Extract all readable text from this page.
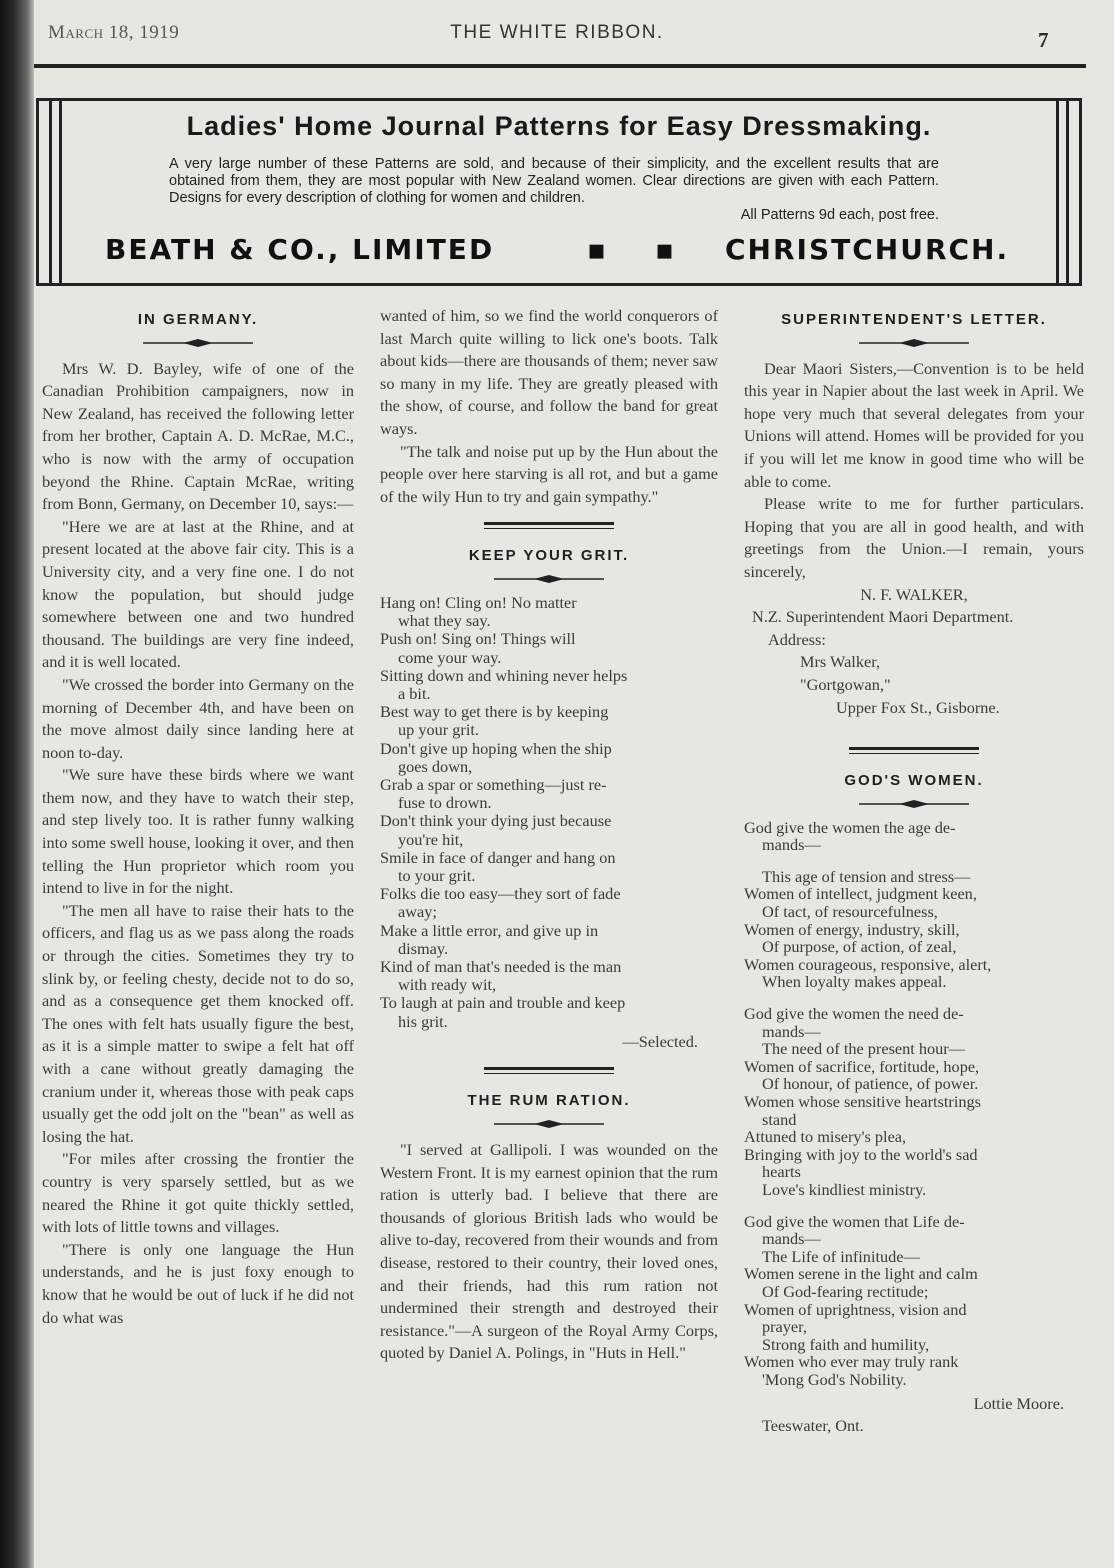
March 18, 1919	THE WHITE RIBBON.	7
Ladies' Home Journal Patterns for Easy Dressmaking.
A very large number of these Patterns are sold, and because of their simplicity, and the excellent results that are obtained from them, they are most popular with New Zealand women. Clear directions are given with each Pattern. Designs for every description of clothing for women and children.
All Patterns 9d each, post free.
BEATH & CO., LIMITED	▪ ▪ CHRISTCHURCH.
IN GERMANY.

Mrs W. D. Bayley, wife of one of the Canadian Prohibition campaigners, now in New Zealand, has received the following letter from her brother, Captain A. D. McRae, M.C., who is now with the army of occupation beyond the Rhine. Captain McRae, writing from Bonn, Germany, on December 10, says:—

"Here we are at last at the Rhine, and at present located at the above fair city. This is a University city, and a very fine one. I do not know the population, but should judge somewhere between one and two hundred thousand. The buildings are very fine indeed, and it is well located.

"We crossed the border into Germany on the morning of December 4th, and have been on the move almost daily since landing here at noon to-day.

"We sure have these birds where we want them now, and they have to watch their step, and step lively too. It is rather funny walking into some swell house, looking it over, and then telling the Hun proprietor which room you intend to live in for the night.

"The men all have to raise their hats to the officers, and flag us as we pass along the roads or through the cities. Sometimes they try to slink by, or feeling chesty, decide not to do so, and as a consequence get them knocked off. The ones with felt hats usually figure the best, as it is a simple matter to swipe a felt hat off with a cane without greatly damaging the cranium under it, whereas those with peak caps usually get the odd jolt on the "bean" as well as losing the hat.

"For miles after crossing the frontier the country is very sparsely settled, but as we neared the Rhine it got quite thickly settled, with lots of little towns and villages.

"There is only one language the Hun understands, and he is just foxy enough to know that he would be out of luck if he did not do what was

wanted of him, so we find the world conquerors of last March quite willing to lick one's boots. Talk about kids—there are thousands of them; never saw so many in my life. They are greatly pleased with the show, of course, and follow the band for great ways.

"The talk and noise put up by the Hun about the people over here starving is all rot, and but a game of the wily Hun to try and gain sympathy."

KEEP YOUR GRIT.
Hang on! Cling on! No matter
what they say.
Push on! Sing on! Things will
come your way.
Sitting down and whining never helps
a bit.
Best way to get there is by keeping
up your grit.
Don't give up hoping when the ship
goes down,
Grab a spar or something—just re-
fuse to drown.
Don't think your dying just because
you're hit,
Smile in face of danger and hang on
to your grit.
Folks die too easy—they sort of fade
away;
Make a little error, and give up in
dismay.
Kind of man that's needed is the man
with ready wit,
To laugh at pain and trouble and keep
his grit.

—Selected.

THE RUM RATION.

"I served at Gallipoli. I was wounded on the Western Front. It is my earnest opinion that the rum ration is utterly bad. I believe that there are thousands of glorious British lads who would be alive to-day, recovered from their wounds and from disease, restored to their country, their loved ones, and their friends, had this rum ration not undermined their strength and destroyed their resistance."—A surgeon of the Royal Army Corps, quoted by Daniel A. Polings, in "Huts in Hell."

SUPERINTENDENT'S LETTER.

Dear Maori Sisters,—Convention is to be held this year in Napier about the last week in April. We hope very much that several delegates from your Unions will attend. Homes will be provided for you if you will let me know in good time who will be able to come.

Please write to me for further particulars. Hoping that you are all in good health, and with greetings from the Union.—I remain, yours sincerely,

N. F. WALKER,

N.Z. Superintendent Maori Department.

Address:

Mrs Walker,

"Gortgowan,"

Upper Fox St., Gisborne.

GOD'S WOMEN.
God give the women the age de-
mands—
This age of tension and stress—
Women of intellect, judgment keen,
Of tact, of resourcefulness,
Women of energy, industry, skill,
Of purpose, of action, of zeal,
Women courageous, responsive, alert,
When loyalty makes appeal.
God give the women the need de-
mands—
The need of the present hour—
Women of sacrifice, fortitude, hope,
Of honour, of patience, of power.
Women whose sensitive heartstrings
stand
Attuned to misery's plea,
Bringing with joy to the world's sad
hearts
Love's kindliest ministry.
God give the women that Life de-
mands—
The Life of infinitude—
Women serene in the light and calm
Of God-fearing rectitude;
Women of uprightness, vision and
prayer,
Strong faith and humility,
Women who ever may truly rank
'Mong God's Nobility.

Lottie Moore.

Teeswater, Ont.
